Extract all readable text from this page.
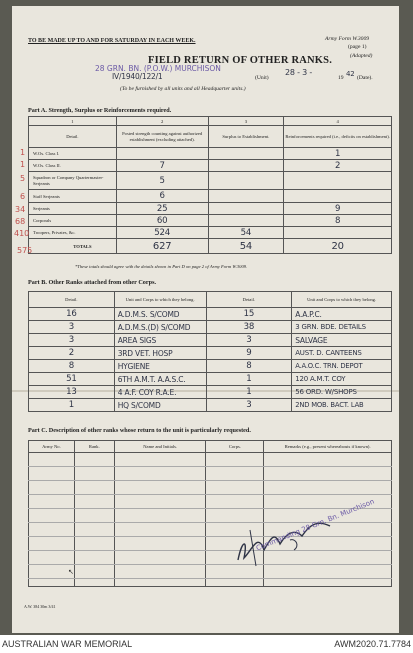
TO BE MADE UP TO AND FOR SATURDAY IN EACH WEEK.	Army Form W.3009
(page 1)
(Adapted)
FIELD RETURN OF OTHER RANKS.
28 GRN. BN. (P.O.W.) MURCHISON
IV/1940/122/1	(Unit)
28 - 3 -
19 42 (Date).
(To be furnished by all units and all Headquarter units.)
Part A. Strength, Surplus or Reinforcements required.
1	2	3	4
Detail.	Posted strength counting against authorized establishment (excluding attached).	Surplus to Establishment.	Reinforcements required (i.e., deficits on establishment).
W.Os. Class I.			1
W.Os. Class II.	7		2
Squadron or Company Quartermaster-Serjeants	5		
Staff Serjeants	6		
Serjeants	25		9
Corporals	60		8
Troopers, Privates, &c.	524	54	
TOTALS	627	54	20
1
1
5
6
34
68
410
575
*These totals should agree with the details shown in Part D on page 2 of Army Form W.3009.
Part B. Other Ranks attached from other Corps.
Detail.	Unit and Corps to which they belong.	Detail.	Unit and Corps to which they belong.
16	A.D.M.S. S/COMD	15	A.A.P.C.
3	A.D.M.S.(D) S/COMD	38	3 GRN. BDE. DETAILS
3	AREA SIGS	3	SALVAGE
2	3RD VET. HOSP	9	AUST. D. CANTEENS
8	HYGIENE	8	A.A.O.C. TRN. DEPOT
51	6TH A.M.T. A.A.S.C.	1	120 A.M.T. COY
13	4 A.F. COY R.A.E.	1	56 ORD. W/SHOPS
1	HQ S/COMD	3	2ND MOB. BACT. LAB
Part C. Description of other ranks whose return to the unit is particularly requested.
Army No.	Rank.	Name and Initials.	Corps.	Remarks (e.g., present whereabouts if known).

Commanding 28 Grn. Bn. Murchison
↖
A.W. 384 30m 3/41
AUSTRALIAN WAR MEMORIAL	AWM2020.71.7784
